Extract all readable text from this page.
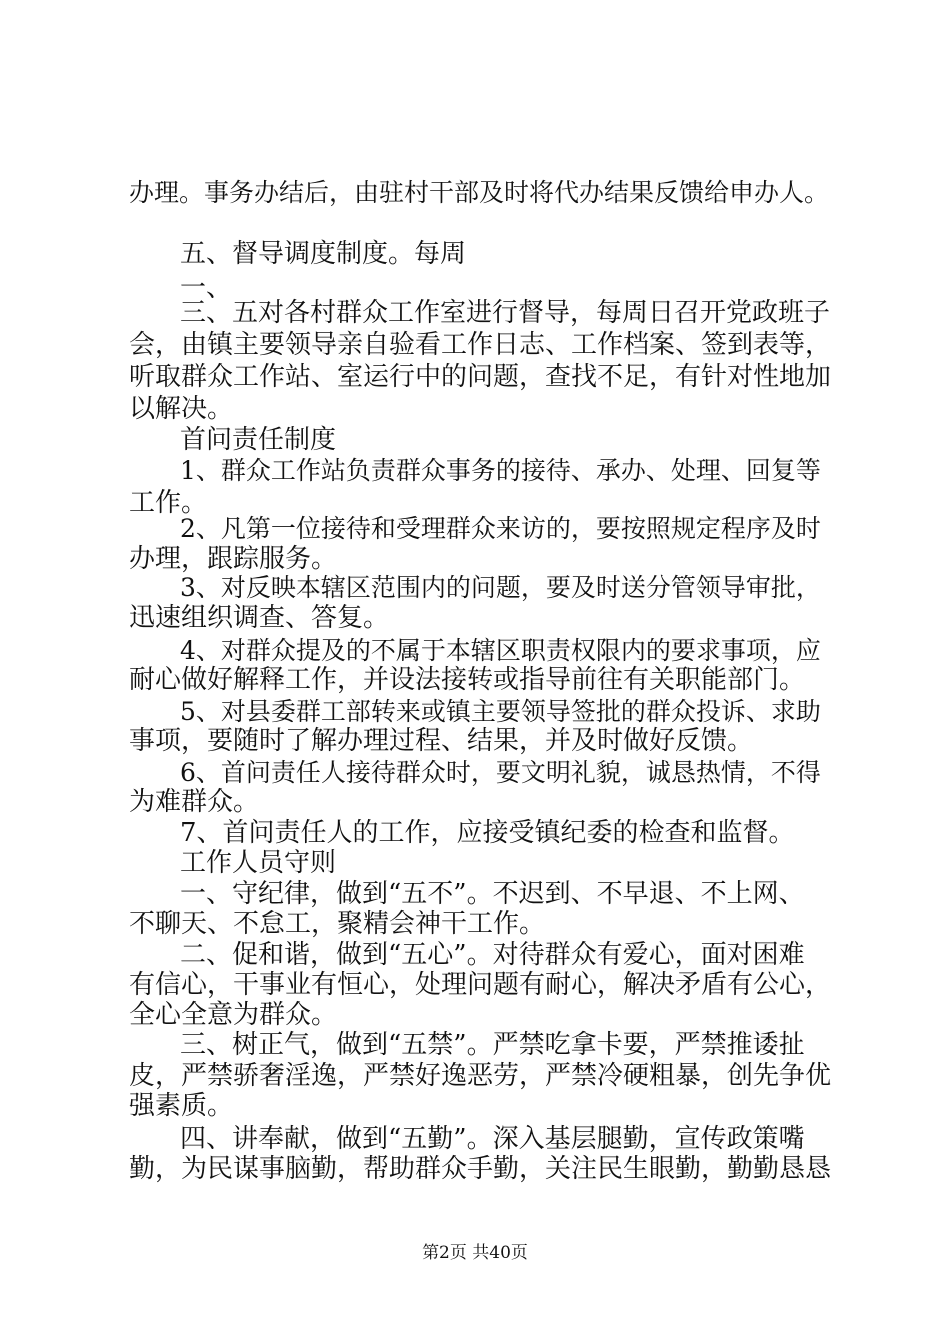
办理。事务办结后，由驻村干部及时将代办结果反馈给申办人。
五、督导调度制度。每周
一、
三、五对各村群众工作室进行督导，每周日召开党政班子
会，由镇主要领导亲自验看工作日志、工作档案、签到表等，
听取群众工作站、室运行中的问题，查找不足，有针对性地加
以解决。
首问责任制度
1、群众工作站负责群众事务的接待、承办、处理、回复等
工作。
2、凡第一位接待和受理群众来访的，要按照规定程序及时
办理，跟踪服务。
3、对反映本辖区范围内的问题，要及时送分管领导审批，
迅速组织调查、答复。
4、对群众提及的不属于本辖区职责权限内的要求事项，应
耐心做好解释工作，并设法接转或指导前往有关职能部门。
5、对县委群工部转来或镇主要领导签批的群众投诉、求助
事项，要随时了解办理过程、结果，并及时做好反馈。
6、首问责任人接待群众时，要文明礼貌，诚恳热情，不得
为难群众。
7、首问责任人的工作，应接受镇纪委的检查和监督。
工作人员守则
一、守纪律，做到“五不”。不迟到、不早退、不上网、
不聊天、不怠工，聚精会神干工作。
二、促和谐，做到“五心”。对待群众有爱心，面对困难
有信心，干事业有恒心，处理问题有耐心，解决矛盾有公心，
全心全意为群众。
三、树正气，做到“五禁”。严禁吃拿卡要，严禁推诿扯
皮，严禁骄奢淫逸，严禁好逸恶劳，严禁冷硬粗暴，创先争优
强素质。
四、讲奉献，做到“五勤”。深入基层腿勤，宣传政策嘴
勤，为民谋事脑勤，帮助群众手勤，关注民生眼勤，勤勤恳恳
第2页 共40页
